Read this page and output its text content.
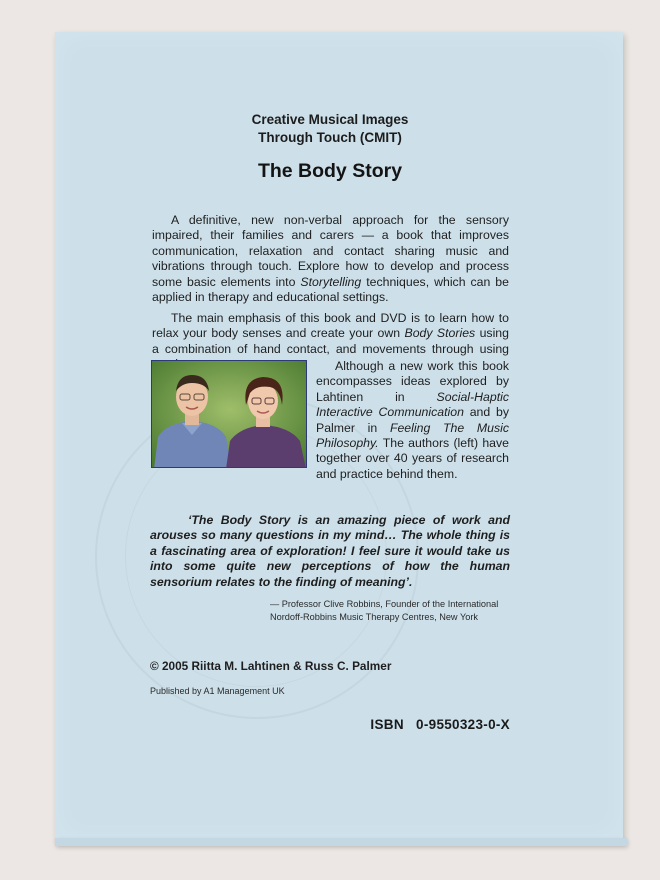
Creative Musical Images
Through Touch (CMIT)
The Body Story

A definitive, new non-verbal approach for the sensory impaired, their families and carers — a book that improves communication, relaxation and contact sharing music and vibrations through touch. Explore how to develop and process some basic elements into Storytelling techniques, which can be applied in therapy and educational settings.

The main emphasis of this book and DVD is to learn how to relax your body senses and create your own Body Stories using a combination of hand contact, and movements through using

Although a new work this book encompasses ideas explored by Lahtinen in Social-Haptic Interactive Communication and by Palmer in Feeling The Music Philosophy. The authors (left) have together over 40 years of research and practice behind them.

‘The Body Story is an amazing piece of work and arouses so many questions in my mind… The whole thing is a fascinating area of exploration! I feel sure it would take us into some quite new perceptions of how the human sensorium relates to the finding of meaning’.

— Professor Clive Robbins, Founder of the International
Nordoff-Robbins Music Therapy Centres, New York
© 2005 Riitta M. Lahtinen & Russ C. Palmer
Published by A1 Management UK
ISBN   0-9550323-0-X
